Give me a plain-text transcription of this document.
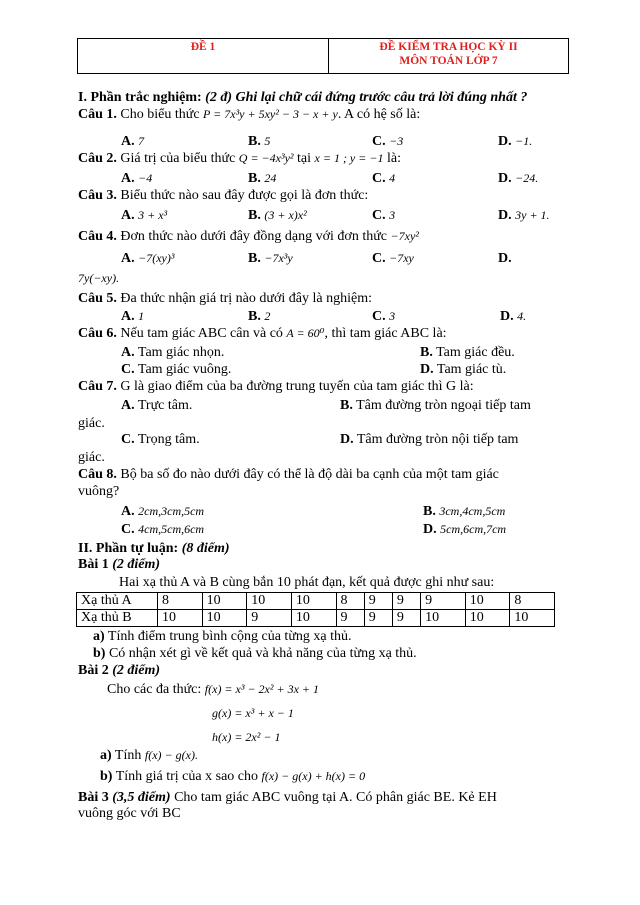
ĐỀ 1	ĐỀ KIỂM TRA HỌC KỲ II
MÔN TOÁN LỚP 7
I. Phần trắc nghiệm: (2 đ) Ghi lại chữ cái đứng trước câu trả lời đúng nhất ?
Câu 1. Cho biểu thức P = 7x³y + 5xy² − 3 − x + y. A có hệ số là:
A. 7	B. 5	C. −3	D. −1.
Câu 2. Giá trị của biểu thức Q = −4x³y² tại x = 1 ; y = −1 là:
A. −4	B. 24	C. 4	D. −24.
Câu 3. Biểu thức nào sau đây được gọi là đơn thức:
A. 3 + x³	B. (3 + x)x²	C. 3	D. 3y + 1.
Câu 4. Đơn thức nào dưới đây đồng dạng với đơn thức −7xy²
A. −7(xy)³	B. −7x³y	C. −7xy	D.
7y(−xy).
Câu 5. Đa thức nhận giá trị nào dưới đây là nghiệm:
A. 1	B. 2	C. 3	D. 4.
Câu 6. Nếu tam giác ABC cân và có A = 60⁰, thì tam giác ABC là:
A. Tam giác nhọn.	B. Tam giác đều.
C. Tam giác vuông.	D. Tam giác tù.
Câu 7. G là giao điểm của ba đường trung tuyến của tam giác thì G là:
A. Trực tâm.	B. Tâm đường tròn ngoại tiếp tam
giác.
C. Trọng tâm.	D. Tâm đường tròn nội tiếp tam
giác.
Câu 8. Bộ ba số đo nào dưới đây có thể là độ dài ba cạnh của một tam giác
vuông?
A. 2cm,3cm,5cm	B. 3cm,4cm,5cm
C. 4cm,5cm,6cm	D. 5cm,6cm,7cm
II. Phần tự luận: (8 điểm)
Bài 1 (2 điểm)
Hai xạ thủ A và B cùng bắn 10 phát đạn, kết quả được ghi như sau:
Xạ thủ A	8	10	10	10	8	9	9	9	10	8
Xạ thủ B	10	10	9	10	9	9	9	10	10	10
a) Tính điểm trung bình cộng của từng xạ thủ.
b) Có nhận xét gì về kết quả và khả năng của từng xạ thủ.
Bài 2 (2 điểm)
Cho các đa thức: f(x) = x³ − 2x² + 3x + 1
g(x) = x³ + x − 1
h(x) = 2x² − 1
a) Tính f(x) − g(x).
b) Tính giá trị của x sao cho f(x) − g(x) + h(x) = 0
Bài 3 (3,5 điểm) Cho tam giác ABC vuông tại A. Có phân giác BE. Kẻ EH
vuông góc với BC
